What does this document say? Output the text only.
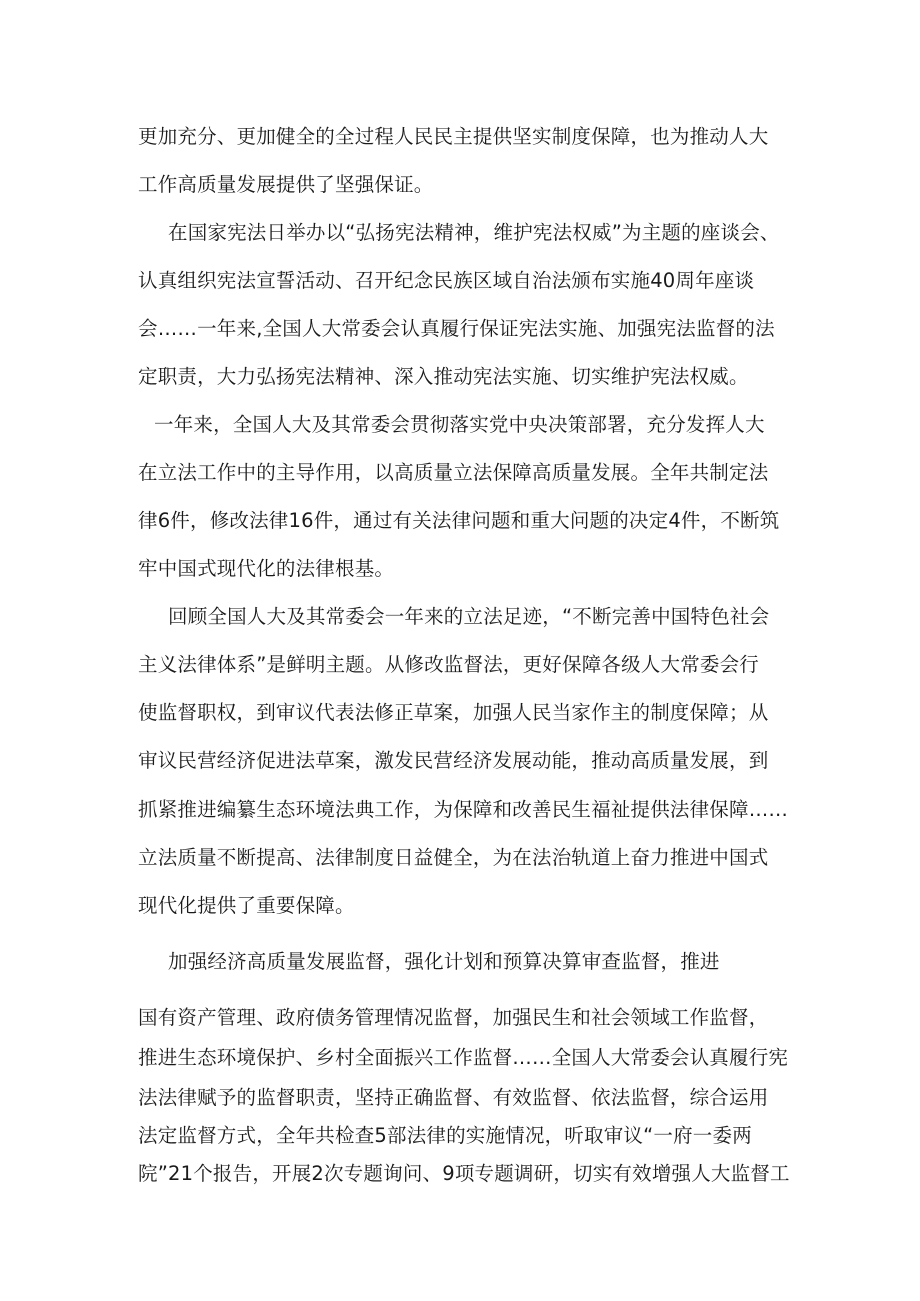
更加充分、更加健全的全过程人民民主提供坚实制度保障，也为推动人大
工作高质量发展提供了坚强保证。
在国家宪法日举办以“弘扬宪法精神，维护宪法权威”为主题的座谈会、
认真组织宪法宣誓活动、召开纪念民族区域自治法颁布实施40周年座谈
会……一年来,全国人大常委会认真履行保证宪法实施、加强宪法监督的法
定职责，大力弘扬宪法精神、深入推动宪法实施、切实维护宪法权威。
一年来，全国人大及其常委会贯彻落实党中央决策部署，充分发挥人大
在立法工作中的主导作用，以高质量立法保障高质量发展。全年共制定法
律6件，修改法律16件，通过有关法律问题和重大问题的决定4件，不断筑
牢中国式现代化的法律根基。
回顾全国人大及其常委会一年来的立法足迹，“不断完善中国特色社会
主义法律体系”是鲜明主题。从修改监督法，更好保障各级人大常委会行
使监督职权，到审议代表法修正草案，加强人民当家作主的制度保障；从
审议民营经济促进法草案，激发民营经济发展动能，推动高质量发展，到
抓紧推进编纂生态环境法典工作，为保障和改善民生福祉提供法律保障……
立法质量不断提高、法律制度日益健全，为在法治轨道上奋力推进中国式
现代化提供了重要保障。
加强经济高质量发展监督，强化计划和预算决算审查监督，推进
国有资产管理、政府债务管理情况监督，加强民生和社会领域工作监督，
推进生态环境保护、乡村全面振兴工作监督……全国人大常委会认真履行宪
法法律赋予的监督职责，坚持正确监督、有效监督、依法监督，综合运用
法定监督方式，全年共检查5部法律的实施情况，听取审议“一府一委两
院”21个报告，开展2次专题询问、9项专题调研，切实有效增强人大监督工
